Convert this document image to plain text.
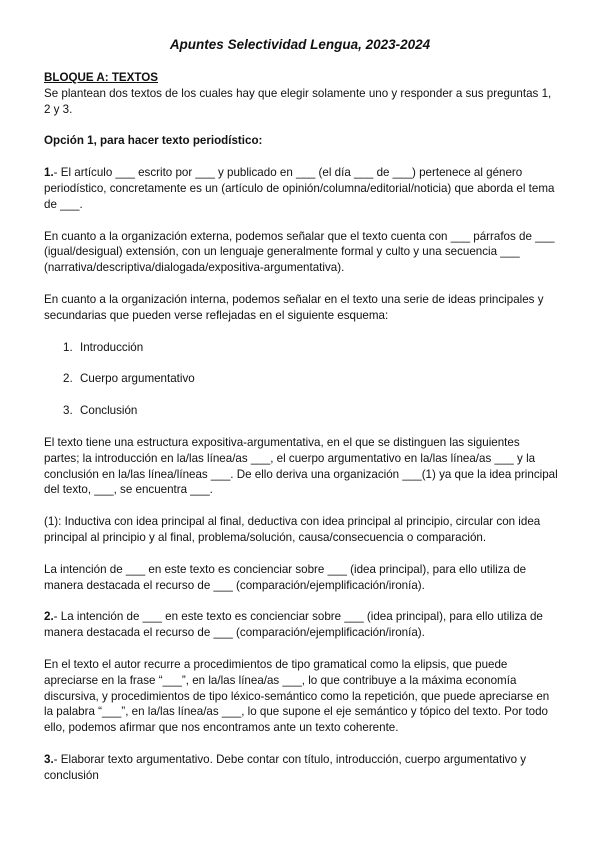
Apuntes Selectividad Lengua, 2023-2024

BLOQUE A: TEXTOS
Se plantean dos textos de los cuales hay que elegir solamente uno y responder a sus preguntas 1, 2 y 3.

Opción 1, para hacer texto periodístico:

1.- El artículo ___ escrito por ___ y publicado en ___ (el día ___ de ___) pertenece al género periodístico, concretamente es un (artículo de opinión/columna/editorial/noticia) que aborda el tema de ___.

En cuanto a la organización externa, podemos señalar que el texto cuenta con ___ párrafos de ___ (igual/desigual) extensión, con un lenguaje generalmente formal y culto y una secuencia ___ (narrativa/descriptiva/dialogada/expositiva-argumentativa).

En cuanto a la organización interna, podemos señalar en el texto una serie de ideas principales y secundarias que pueden verse reflejadas en el siguiente esquema:

1. Introducción
2. Cuerpo argumentativo
3. Conclusión

El texto tiene una estructura expositiva-argumentativa, en el que se distinguen las siguientes partes; la introducción en la/las línea/as ___, el cuerpo argumentativo en la/las línea/as ___ y la conclusión en la/las línea/líneas ___. De ello deriva una organización ___(1) ya que la idea principal del texto, ___, se encuentra ___.

(1): Inductiva con idea principal al final, deductiva con idea principal al principio, circular con idea principal al principio y al final, problema/solución, causa/consecuencia o comparación.

La intención de ___ en este texto es concienciar sobre ___ (idea principal), para ello utiliza de manera destacada el recurso de ___ (comparación/ejemplificación/ironía).

2.- La intención de ___ en este texto es concienciar sobre ___ (idea principal), para ello utiliza de manera destacada el recurso de ___ (comparación/ejemplificación/ironía).

En el texto el autor recurre a procedimientos de tipo gramatical como la elipsis, que puede apreciarse en la frase “___”, en la/las línea/as ___, lo que contribuye a la máxima economía discursiva, y procedimientos de tipo léxico-semántico como la repetición, que puede apreciarse en la palabra “___”, en la/las línea/as ___, lo que supone el eje semántico y tópico del texto. Por todo ello, podemos afirmar que nos encontramos ante un texto coherente.

3.- Elaborar texto argumentativo. Debe contar con título, introducción, cuerpo argumentativo y conclusión
